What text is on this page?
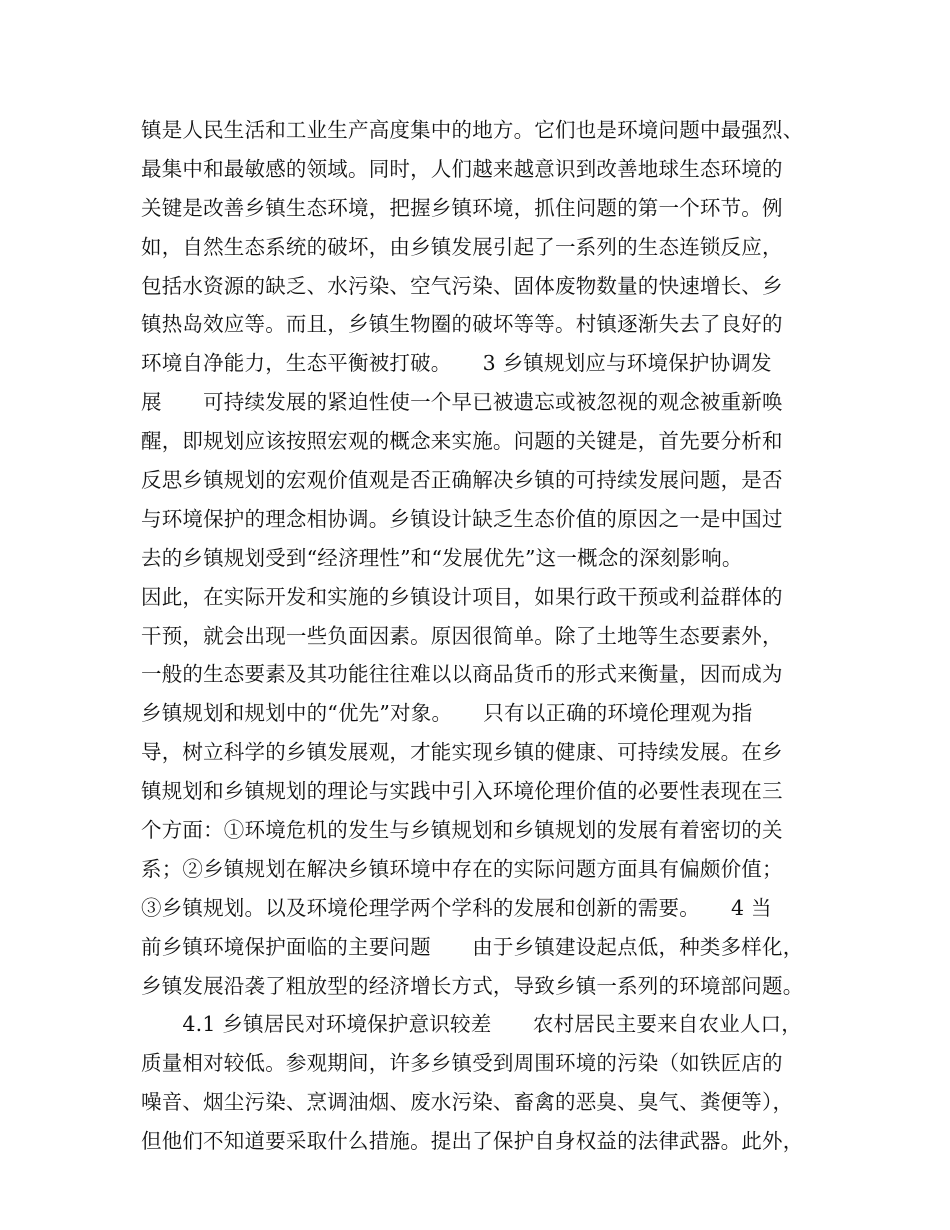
镇是人民生活和工业生产高度集中的地方。它们也是环境问题中最强烈、
最集中和最敏感的领域。同时，人们越来越意识到改善地球生态环境的
关键是改善乡镇生态环境，把握乡镇环境，抓住问题的第一个环节。例
如，自然生态系统的破坏，由乡镇发展引起了一系列的生态连锁反应，
包括水资源的缺乏、水污染、空气污染、固体废物数量的快速增长、乡
镇热岛效应等。而且，乡镇生物圈的破坏等等。村镇逐渐失去了良好的
环境自净能力，生态平衡被打破。　　3 乡镇规划应与环境保护协调发
展　　可持续发展的紧迫性使一个早已被遗忘或被忽视的观念被重新唤
醒，即规划应该按照宏观的概念来实施。问题的关键是，首先要分析和
反思乡镇规划的宏观价值观是否正确解决乡镇的可持续发展问题，是否
与环境保护的理念相协调。乡镇设计缺乏生态价值的原因之一是中国过
去的乡镇规划受到“经济理性”和“发展优先”这一概念的深刻影响。
因此，在实际开发和实施的乡镇设计项目，如果行政干预或利益群体的
干预，就会出现一些负面因素。原因很简单。除了土地等生态要素外，
一般的生态要素及其功能往往难以以商品货币的形式来衡量，因而成为
乡镇规划和规划中的“优先”对象。　　只有以正确的环境伦理观为指
导，树立科学的乡镇发展观，才能实现乡镇的健康、可持续发展。在乡
镇规划和乡镇规划的理论与实践中引入环境伦理价值的必要性表现在三
个方面：①环境危机的发生与乡镇规划和乡镇规划的发展有着密切的关
系；②乡镇规划在解决乡镇环境中存在的实际问题方面具有偏颇价值；
③乡镇规划。以及环境伦理学两个学科的发展和创新的需要。　　4 当
前乡镇环境保护面临的主要问题　　由于乡镇建设起点低，种类多样化，
乡镇发展沿袭了粗放型的经济增长方式，导致乡镇一系列的环境部问题。
　　4.1 乡镇居民对环境保护意识较差　　农村居民主要来自农业人口，
质量相对较低。参观期间，许多乡镇受到周围环境的污染（如铁匠店的
噪音、烟尘污染、烹调油烟、废水污染、畜禽的恶臭、臭气、粪便等），
但他们不知道要采取什么措施。提出了保护自身权益的法律武器。此外，
